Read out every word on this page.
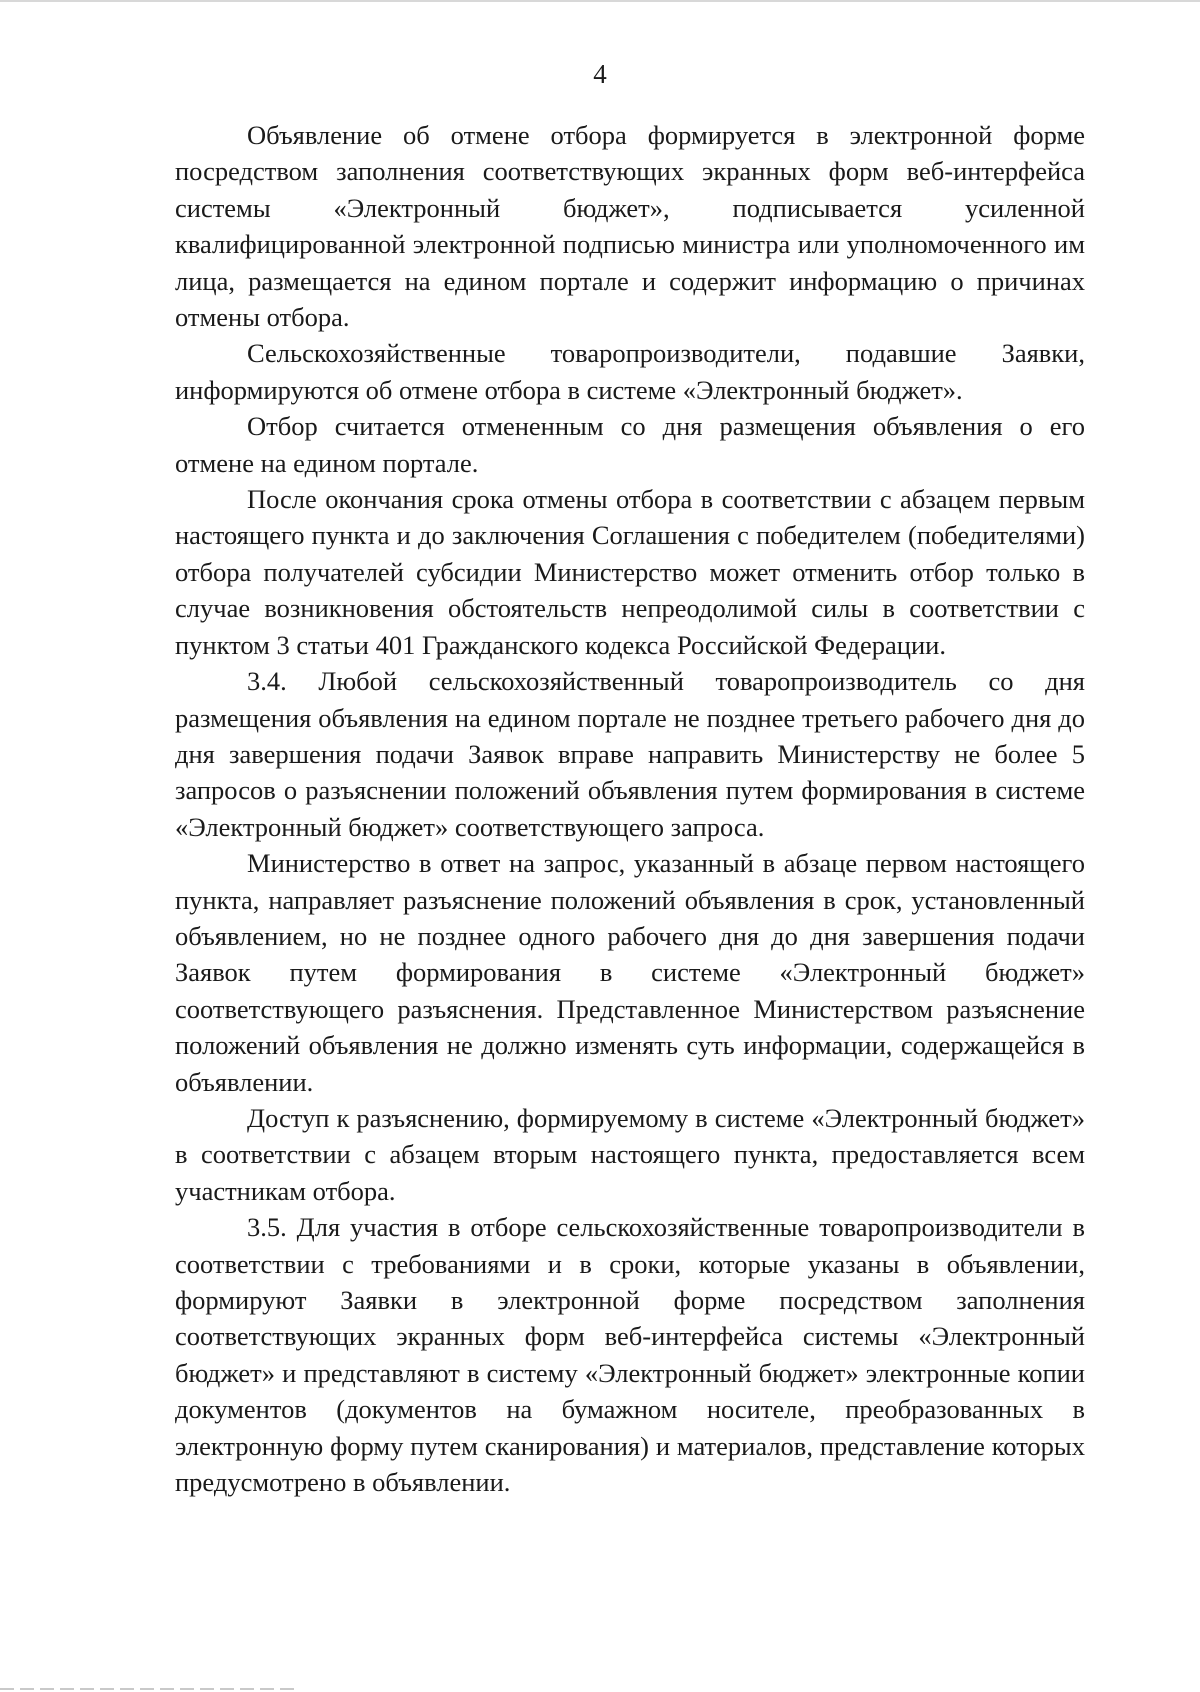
4

Объявление об отмене отбора формируется в электронной форме посредством заполнения соответствующих экранных форм веб-интерфейса системы «Электронный бюджет», подписывается усиленной квалифицированной электронной подписью министра или уполномоченного им лица, размещается на едином портале и содержит информацию о причинах отмены отбора.

Сельскохозяйственные товаропроизводители, подавшие Заявки, информируются об отмене отбора в системе «Электронный бюджет».

Отбор считается отмененным со дня размещения объявления о его отмене на едином портале.

После окончания срока отмены отбора в соответствии с абзацем первым настоящего пункта и до заключения Соглашения с победителем (победителями) отбора получателей субсидии Министерство может отменить отбор только в случае возникновения обстоятельств непреодолимой силы в соответствии с пунктом 3 статьи 401 Гражданского кодекса Российской Федерации.

3.4. Любой сельскохозяйственный товаропроизводитель со дня размещения объявления на едином портале не позднее третьего рабочего дня до дня завершения подачи Заявок вправе направить Министерству не более 5 запросов о разъяснении положений объявления путем формирования в системе «Электронный бюджет» соответствующего запроса.

Министерство в ответ на запрос, указанный в абзаце первом настоящего пункта, направляет разъяснение положений объявления в срок, установленный объявлением, но не позднее одного рабочего дня до дня завершения подачи Заявок путем формирования в системе «Электронный бюджет» соответствующего разъяснения. Представленное Министерством разъяснение положений объявления не должно изменять суть информации, содержащейся в объявлении.

Доступ к разъяснению, формируемому в системе «Электронный бюджет» в соответствии с абзацем вторым настоящего пункта, предоставляется всем участникам отбора.

3.5. Для участия в отборе сельскохозяйственные товаропроизводители в соответствии с требованиями и в сроки, которые указаны в объявлении, формируют Заявки в электронной форме посредством заполнения соответствующих экранных форм веб-интерфейса системы «Электронный бюджет» и представляют в систему «Электронный бюджет» электронные копии документов (документов на бумажном носителе, преобразованных в электронную форму путем сканирования) и материалов, представление которых предусмотрено в объявлении.
